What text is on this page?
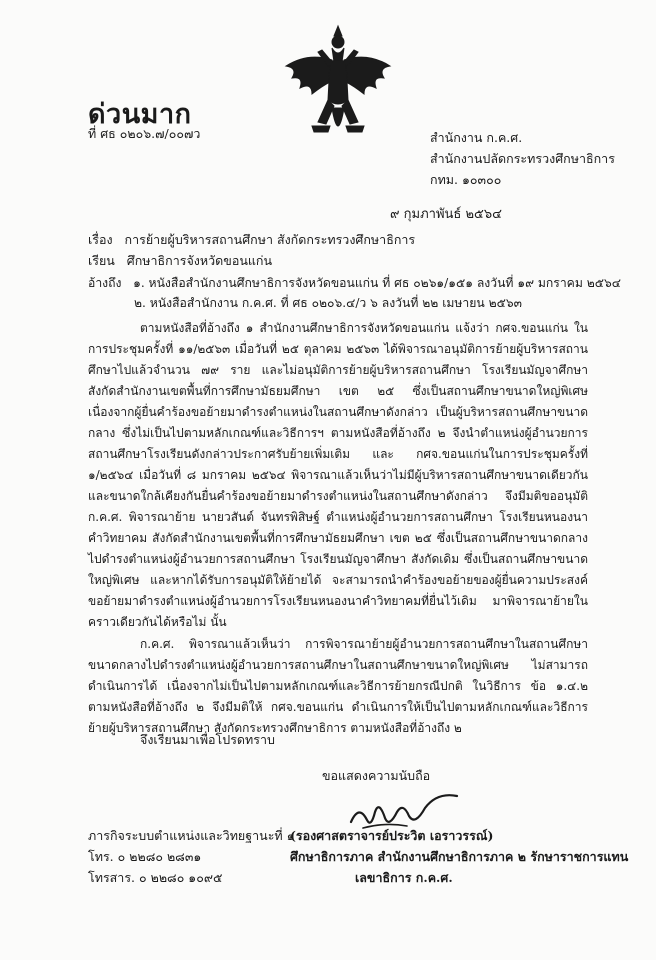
ด่วนมาก
ที่ ศธ ๐๒๐๖.๗/๐๐๗ว	สำนักงาน ก.ค.ศ.
สำนักงานปลัดกระทรวงศึกษาธิการ
กทม. ๑๐๓๐๐
๙ กุมภาพันธ์ ๒๕๖๔
เรื่อง การย้ายผู้บริหารสถานศึกษา สังกัดกระทรวงศึกษาธิการ
เรียน ศึกษาธิการจังหวัดขอนแก่น
อ้างถึง ๑. หนังสือสำนักงานศึกษาธิการจังหวัดขอนแก่น ที่ ศธ ๐๒๖๑/๑๕๑ ลงวันที่ ๑๙ มกราคม ๒๕๖๔
๒. หนังสือสำนักงาน ก.ค.ศ. ที่ ศธ ๐๒๐๖.๔/ว ๖ ลงวันที่ ๒๒ เมษายน ๒๕๖๓
ตามหนังสือที่อ้างถึง ๑ สำนักงานศึกษาธิการจังหวัดขอนแก่น แจ้งว่า กศจ.ขอนแก่น ในการประชุมครั้งที่ ๑๑/๒๕๖๓ เมื่อวันที่ ๒๕ ตุลาคม ๒๕๖๓ ได้พิจารณาอนุมัติการย้ายผู้บริหารสถานศึกษาไปแล้วจำนวน ๗๙ ราย และไม่อนุมัติการย้ายผู้บริหารสถานศึกษา โรงเรียนมัญจาศึกษา สังกัดสำนักงานเขตพื้นที่การศึกษามัธยมศึกษา เขต ๒๕ ซึ่งเป็นสถานศึกษาขนาดใหญ่พิเศษ เนื่องจากผู้ยื่นคำร้องขอย้ายมาดำรงตำแหน่งในสถานศึกษาดังกล่าว เป็นผู้บริหารสถานศึกษาขนาดกลาง ซึ่งไม่เป็นไปตามหลักเกณฑ์และวิธีการฯ ตามหนังสือที่อ้างถึง ๒ จึงนำตำแหน่งผู้อำนวยการสถานศึกษาโรงเรียนดังกล่าวประกาศรับย้ายเพิ่มเติม และ กศจ.ขอนแก่นในการประชุมครั้งที่ ๑/๒๕๖๔ เมื่อวันที่ ๘ มกราคม ๒๕๖๔ พิจารณาแล้วเห็นว่าไม่มีผู้บริหารสถานศึกษาขนาดเดียวกันและขนาดใกล้เคียงกันยื่นคำร้องขอย้ายมาดำรงตำแหน่งในสถานศึกษาดังกล่าว จึงมีมติขออนุมัติ ก.ค.ศ. พิจารณาย้าย นายวสันต์ จันทรพิสิษฐ์ ตำแหน่งผู้อำนวยการสถานศึกษา โรงเรียนหนองนาคำวิทยาคม สังกัดสำนักงานเขตพื้นที่การศึกษามัธยมศึกษา เขต ๒๕ ซึ่งเป็นสถานศึกษาขนาดกลาง ไปดำรงตำแหน่งผู้อำนวยการสถานศึกษา โรงเรียนมัญจาศึกษา สังกัดเดิม ซึ่งเป็นสถานศึกษาขนาดใหญ่พิเศษ และหากได้รับการอนุมัติให้ย้ายได้ จะสามารถนำคำร้องขอย้ายของผู้ยื่นความประสงค์ขอย้ายมาดำรงตำแหน่งผู้อำนวยการโรงเรียนหนองนาคำวิทยาคมที่ยื่นไว้เดิม มาพิจารณาย้ายในคราวเดียวกันได้หรือไม่ นั้น
ก.ค.ศ. พิจารณาแล้วเห็นว่า การพิจารณาย้ายผู้อำนวยการสถานศึกษาในสถานศึกษาขนาดกลางไปดำรงตำแหน่งผู้อำนวยการสถานศึกษาในสถานศึกษาขนาดใหญ่พิเศษ ไม่สามารถดำเนินการได้ เนื่องจากไม่เป็นไปตามหลักเกณฑ์และวิธีการย้ายกรณีปกติ ในวิธีการ ข้อ ๑.๔.๒ ตามหนังสือที่อ้างถึง ๒ จึงมีมติให้ กศจ.ขอนแก่น ดำเนินการให้เป็นไปตามหลักเกณฑ์และวิธีการย้ายผู้บริหารสถานศึกษา สังกัดกระทรวงศึกษาธิการ ตามหนังสือที่อ้างถึง ๒
จึงเรียนมาเพื่อโปรดทราบ
ขอแสดงความนับถือ
(รองศาสตราจารย์ประวิต เอราวรรณ์)
ศึกษาธิการภาค สำนักงานศึกษาธิการภาค ๒ รักษาราชการแทน
เลขาธิการ ก.ค.ศ.
ภารกิจระบบตำแหน่งและวิทยฐานะที่ ๑
โทร. ๐ ๒๒๘๐ ๒๘๓๑
โทรสาร. ๐ ๒๒๘๐ ๑๐๙๕
